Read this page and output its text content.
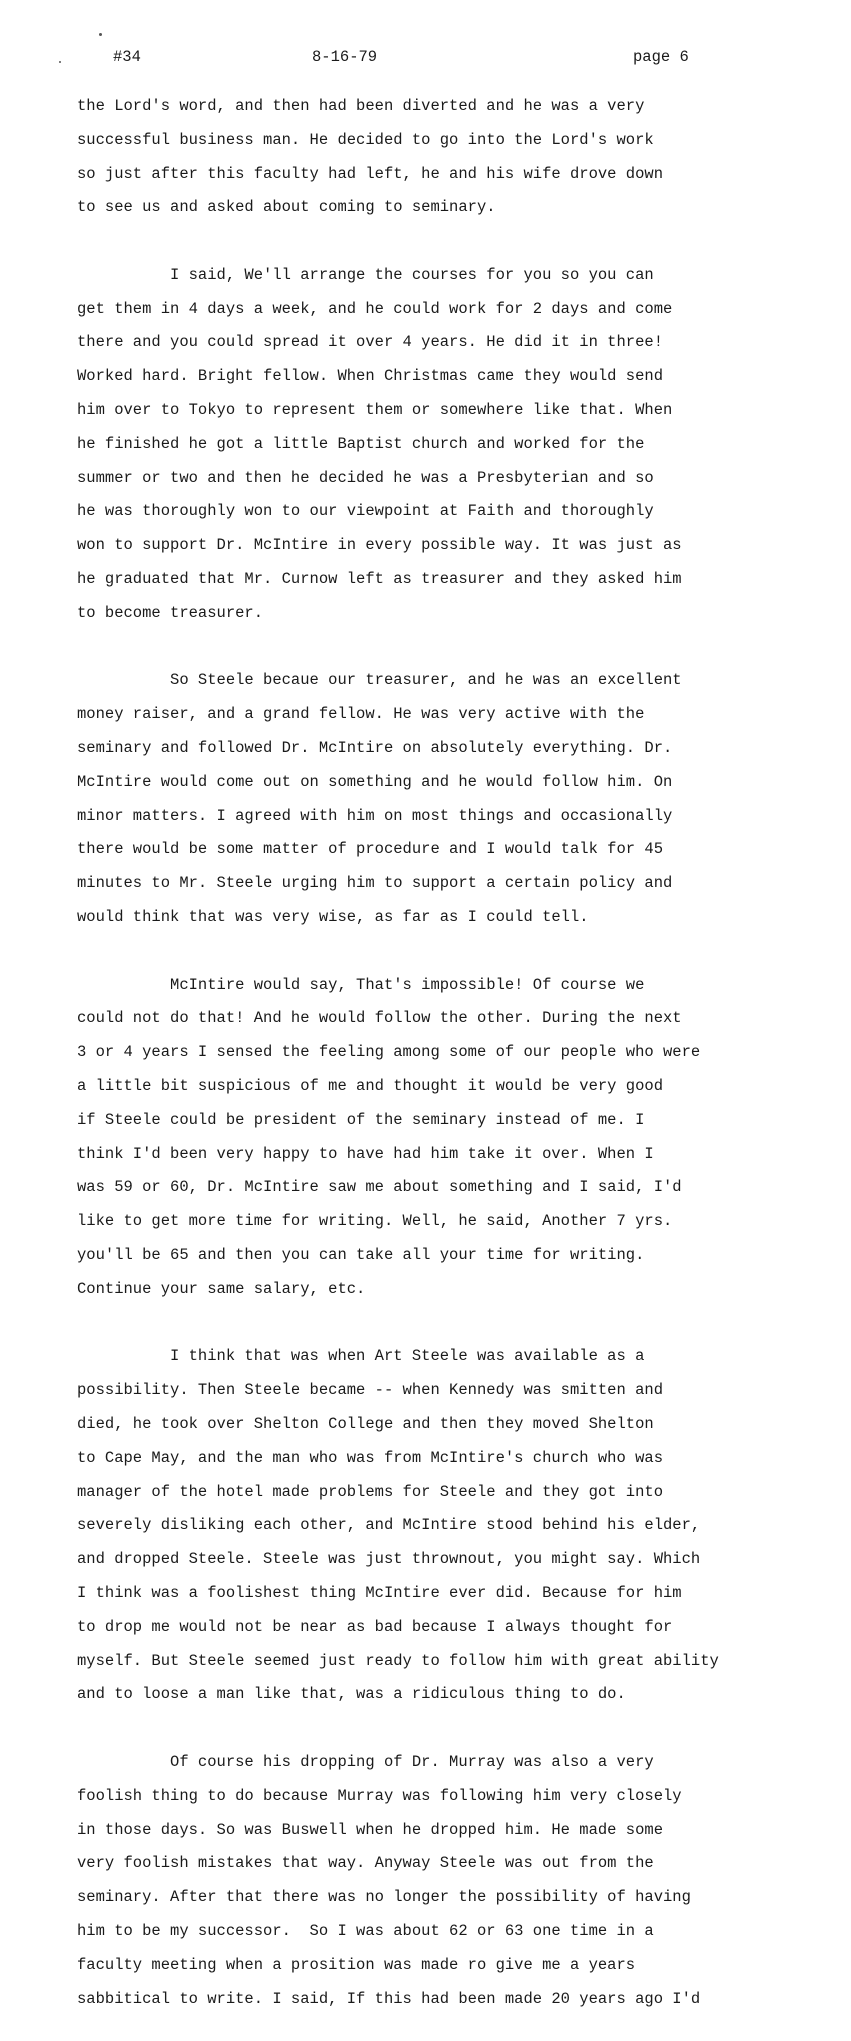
#34	8-16-79	page 6

the Lord's word, and then had been diverted and he was a very

successful business man. He decided to go into the Lord's work

so just after this faculty had left, he and his wife drove down

to see us and asked about coming to seminary.

I said, We'll arrange the courses for you so you can

get them in 4 days a week, and he could work for 2 days and come

there and you could spread it over 4 years. He did it in three!

Worked hard. Bright fellow. When Christmas came they would send

him over to Tokyo to represent them or somewhere like that. When

he finished he got a little Baptist church and worked for the

summer or two and then he decided he was a Presbyterian and so

he was thoroughly won to our viewpoint at Faith and thoroughly

won to support Dr. McIntire in every possible way. It was just as

he graduated that Mr. Curnow left as treasurer and they asked him

to become treasurer.

So Steele becaue our treasurer, and he was an excellent

money raiser, and a grand fellow. He was very active with the

seminary and followed Dr. McIntire on absolutely everything. Dr.

McIntire would come out on something and he would follow him. On

minor matters. I agreed with him on most things and occasionally

there would be some matter of procedure and I would talk for 45

minutes to Mr. Steele urging him to support a certain policy and

would think that was very wise, as far as I could tell.

McIntire would say, That's impossible! Of course we

could not do that! And he would follow the other. During the next

3 or 4 years I sensed the feeling among some of our people who were

a little bit suspicious of me and thought it would be very good

if Steele could be president of the seminary instead of me. I

think I'd been very happy to have had him take it over. When I

was 59 or 60, Dr. McIntire saw me about something and I said, I'd

like to get more time for writing. Well, he said, Another 7 yrs.

you'll be 65 and then you can take all your time for writing.

Continue your same salary, etc.

I think that was when Art Steele was available as a

possibility. Then Steele became -- when Kennedy was smitten and

died, he took over Shelton College and then they moved Shelton

to Cape May, and the man who was from McIntire's church who was

manager of the hotel made problems for Steele and they got into

severely disliking each other, and McIntire stood behind his elder,

and dropped Steele. Steele was just thrownout, you might say. Which

I think was a foolishest thing McIntire ever did. Because for him

to drop me would not be near as bad because I always thought for

myself. But Steele seemed just ready to follow him with great ability

and to loose a man like that, was a ridiculous thing to do.

Of course his dropping of Dr. Murray was also a very

foolish thing to do because Murray was following him very closely

in those days. So was Buswell when he dropped him. He made some

very foolish mistakes that way. Anyway Steele was out from the

seminary. After that there was no longer the possibility of having

him to be my successor.  So I was about 62 or 63 one time in a

faculty meeting when a prosition was made ro give me a years

sabbitical to write. I said, If this had been made 20 years ago I'd
